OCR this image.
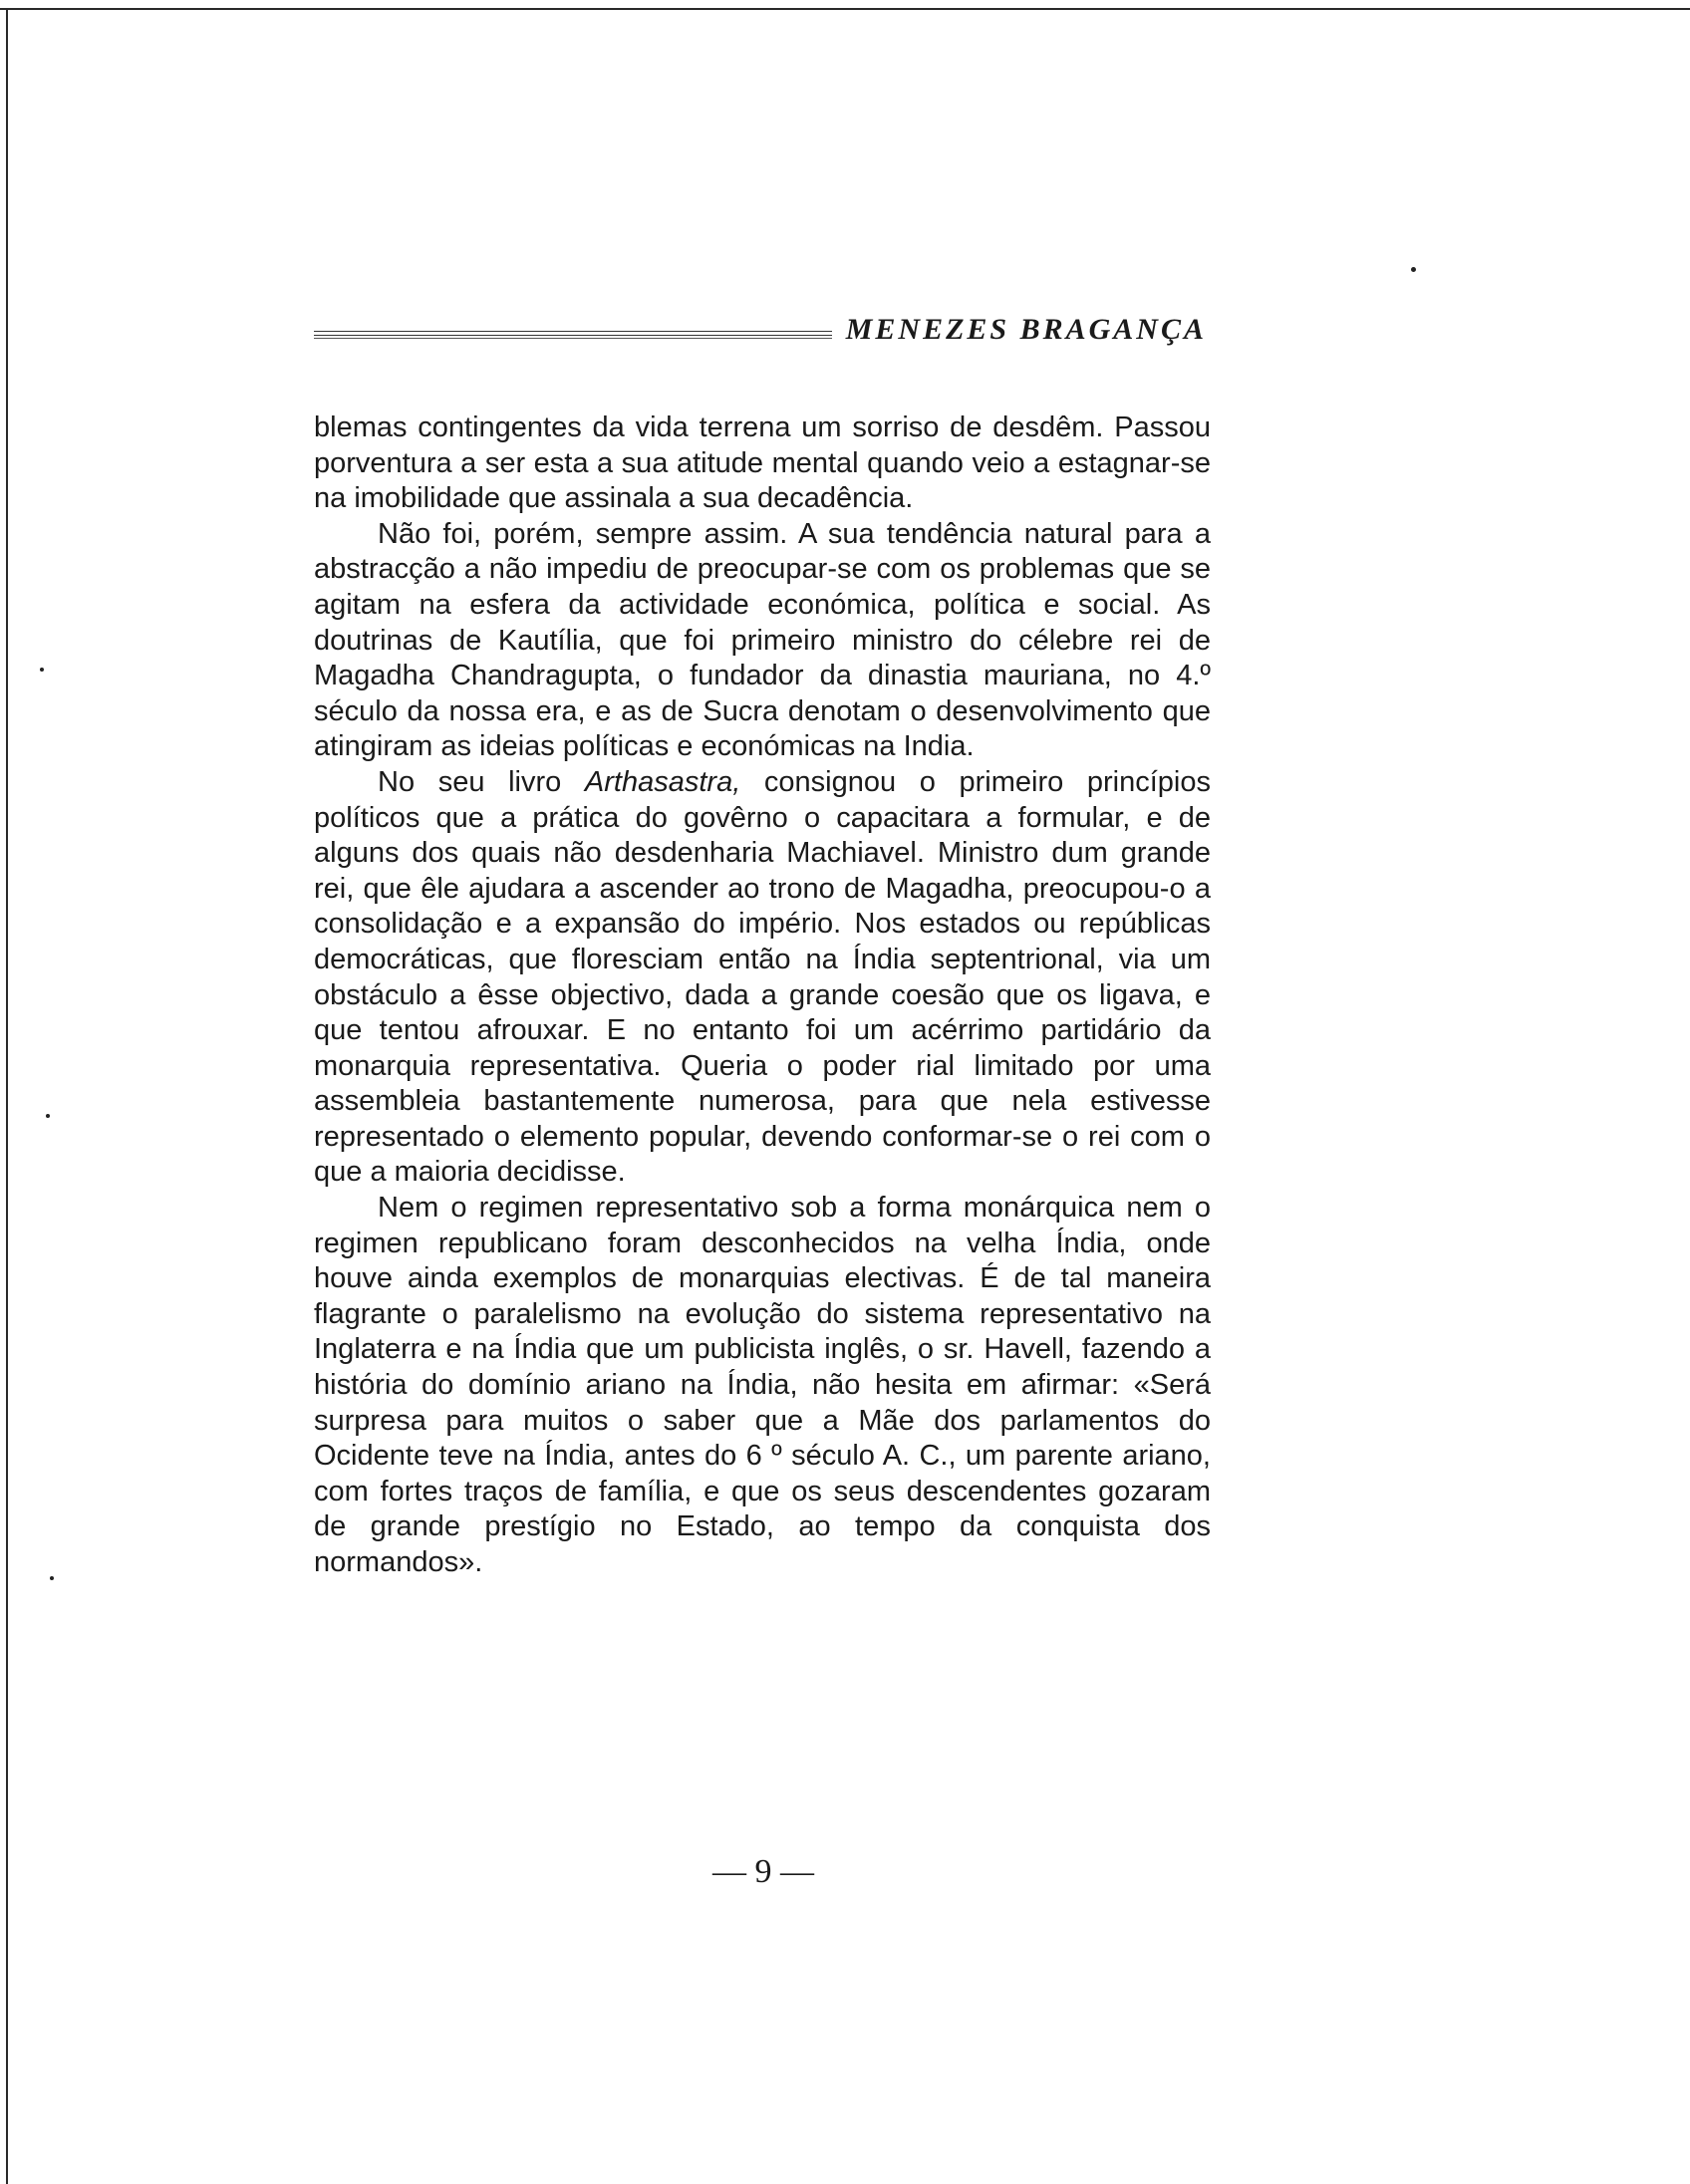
MENEZES BRAGANÇA

blemas contingentes da vida terrena um sorriso de desdêm. Passou porventura a ser esta a sua atitude mental quando veio a estagnar-se na imobilidade que assinala a sua decadência.

Não foi, porém, sempre assim. A sua tendência natural para a abstracção a não impediu de preocupar-se com os problemas que se agitam na esfera da actividade económica, política e social. As doutrinas de Kautília, que foi primeiro ministro do célebre rei de Magadha Chandragupta, o fundador da dinastia mauriana, no 4.º século da nossa era, e as de Sucra denotam o desenvolvimento que atingiram as ideias políticas e económicas na India.

No seu livro Arthasastra, consignou o primeiro princípios políticos que a prática do govêrno o capacitara a formular, e de alguns dos quais não desdenharia Machiavel. Ministro dum grande rei, que êle ajudara a ascender ao trono de Magadha, preocupou-o a consolidação e a expansão do império. Nos estados ou repúblicas democráticas, que floresciam então na Índia septentrional, via um obstáculo a êsse objectivo, dada a grande coesão que os ligava, e que tentou afrouxar. E no entanto foi um acérrimo partidário da monarquia representativa. Queria o poder rial limitado por uma assembleia bastantemente numerosa, para que nela estivesse representado o elemento popular, devendo conformar-se o rei com o que a maioria decidisse.

Nem o regimen representativo sob a forma monárquica nem o regimen republicano foram desconhecidos na velha Índia, onde houve ainda exemplos de monarquias electivas. É de tal maneira flagrante o paralelismo na evolução do sistema representativo na Inglaterra e na Índia que um publicista inglês, o sr. Havell, fazendo a história do domínio ariano na Índia, não hesita em afirmar: «Será surpresa para muitos o saber que a Mãe dos parlamentos do Ocidente teve na Índia, antes do 6 º século A. C., um parente ariano, com fortes traços de família, e que os seus descendentes gozaram de grande prestígio no Estado, ao tempo da conquista dos normandos».

— 9 —
